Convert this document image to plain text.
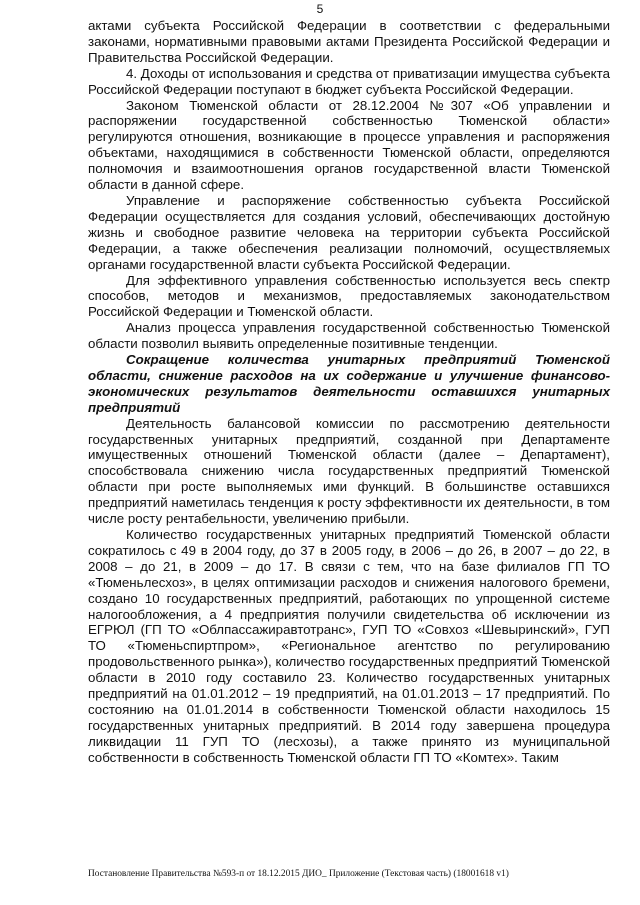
5

актами субъекта Российской Федерации в соответствии с федеральными законами, нормативными правовыми актами Президента Российской Федерации и Правительства Российской Федерации.

4. Доходы от использования и средства от приватизации имущества субъекта Российской Федерации поступают в бюджет субъекта Российской Федерации.

Законом Тюменской области от 28.12.2004 №307 «Об управлении и распоряжении государственной собственностью Тюменской области» регулируются отношения, возникающие в процессе управления и распоряжения объектами, находящимися в собственности Тюменской области, определяются полномочия и взаимоотношения органов государственной власти Тюменской области в данной сфере.

Управление и распоряжение собственностью субъекта Российской Федерации осуществляется для создания условий, обеспечивающих достойную жизнь и свободное развитие человека на территории субъекта Российской Федерации, а также обеспечения реализации полномочий, осуществляемых органами государственной власти субъекта Российской Федерации.

Для эффективного управления собственностью используется весь спектр способов, методов и механизмов, предоставляемых законодательством Российской Федерации и Тюменской области.

Анализ процесса управления государственной собственностью Тюменской области позволил выявить определенные позитивные тенденции.

Сокращение количества унитарных предприятий Тюменской области, снижение расходов на их содержание и улучшение финансово-экономических результатов деятельности оставшихся унитарных предприятий

Деятельность балансовой комиссии по рассмотрению деятельности государственных унитарных предприятий, созданной при Департаменте имущественных отношений Тюменской области (далее – Департамент), способствовала снижению числа государственных предприятий Тюменской области при росте выполняемых ими функций. В большинстве оставшихся предприятий наметилась тенденция к росту эффективности их деятельности, в том числе росту рентабельности, увеличению прибыли.

Количество государственных унитарных предприятий Тюменской области сократилось с 49 в 2004 году, до 37 в 2005 году, в 2006 – до 26, в 2007 – до 22, в 2008 – до 21, в 2009 – до 17. В связи с тем, что на базе филиалов ГП ТО «Тюменьлесхоз», в целях оптимизации расходов и снижения налогового бремени, создано 10 государственных предприятий, работающих по упрощенной системе налогообложения, а 4 предприятия получили свидетельства об исключении из ЕГРЮЛ (ГП ТО «Облпассажиравтотранс», ГУП ТО «Совхоз «Шевыринский», ГУП ТО «Тюменьспиртпром», «Региональное агентство по регулированию продовольственного рынка»), количество государственных предприятий Тюменской области в 2010 году составило 23. Количество государственных унитарных предприятий на 01.01.2012 – 19 предприятий, на 01.01.2013 – 17 предприятий. По состоянию на 01.01.2014 в собственности Тюменской области находилось 15 государственных унитарных предприятий. В 2014 году завершена процедура ликвидации 11 ГУП ТО (лесхозы), а также принято из муниципальной собственности в собственность Тюменской области ГП ТО «Комтех». Таким

Постановление Правительства №593-п от 18.12.2015 ДИО_ Приложение (Текстовая часть) (18001618 v1)
